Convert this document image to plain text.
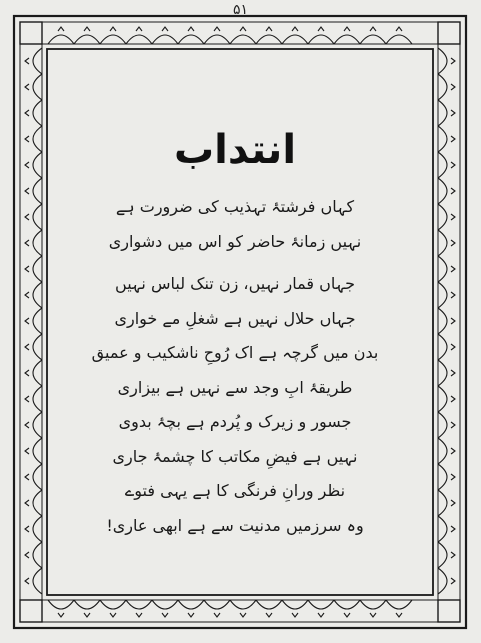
۵۱
انتداب
کہاں فرشتۂ تہذیب کی ضرورت ہے
نہیں زمانۂ حاضر کو اس میں دشواری
جہاں قمار نہیں، زن تنک لباس نہیں
جہاں حلال نہیں ہے شغلِ مے خواری
بدن میں گرچہ ہے اک رُوحِ ناشکیب و عمیق
طریقۂ ابِ وجد سے نہیں ہے بیزاری
جسور و زیرک و پُردم ہے بچۂ بدوی
نہیں ہے فیضِ مکاتب کا چشمۂ جاری
نظر ورانِ فرنگی کا ہے یہی فتوے
وہ سرزمیں مدنیت سے ہے ابھی عاری!
